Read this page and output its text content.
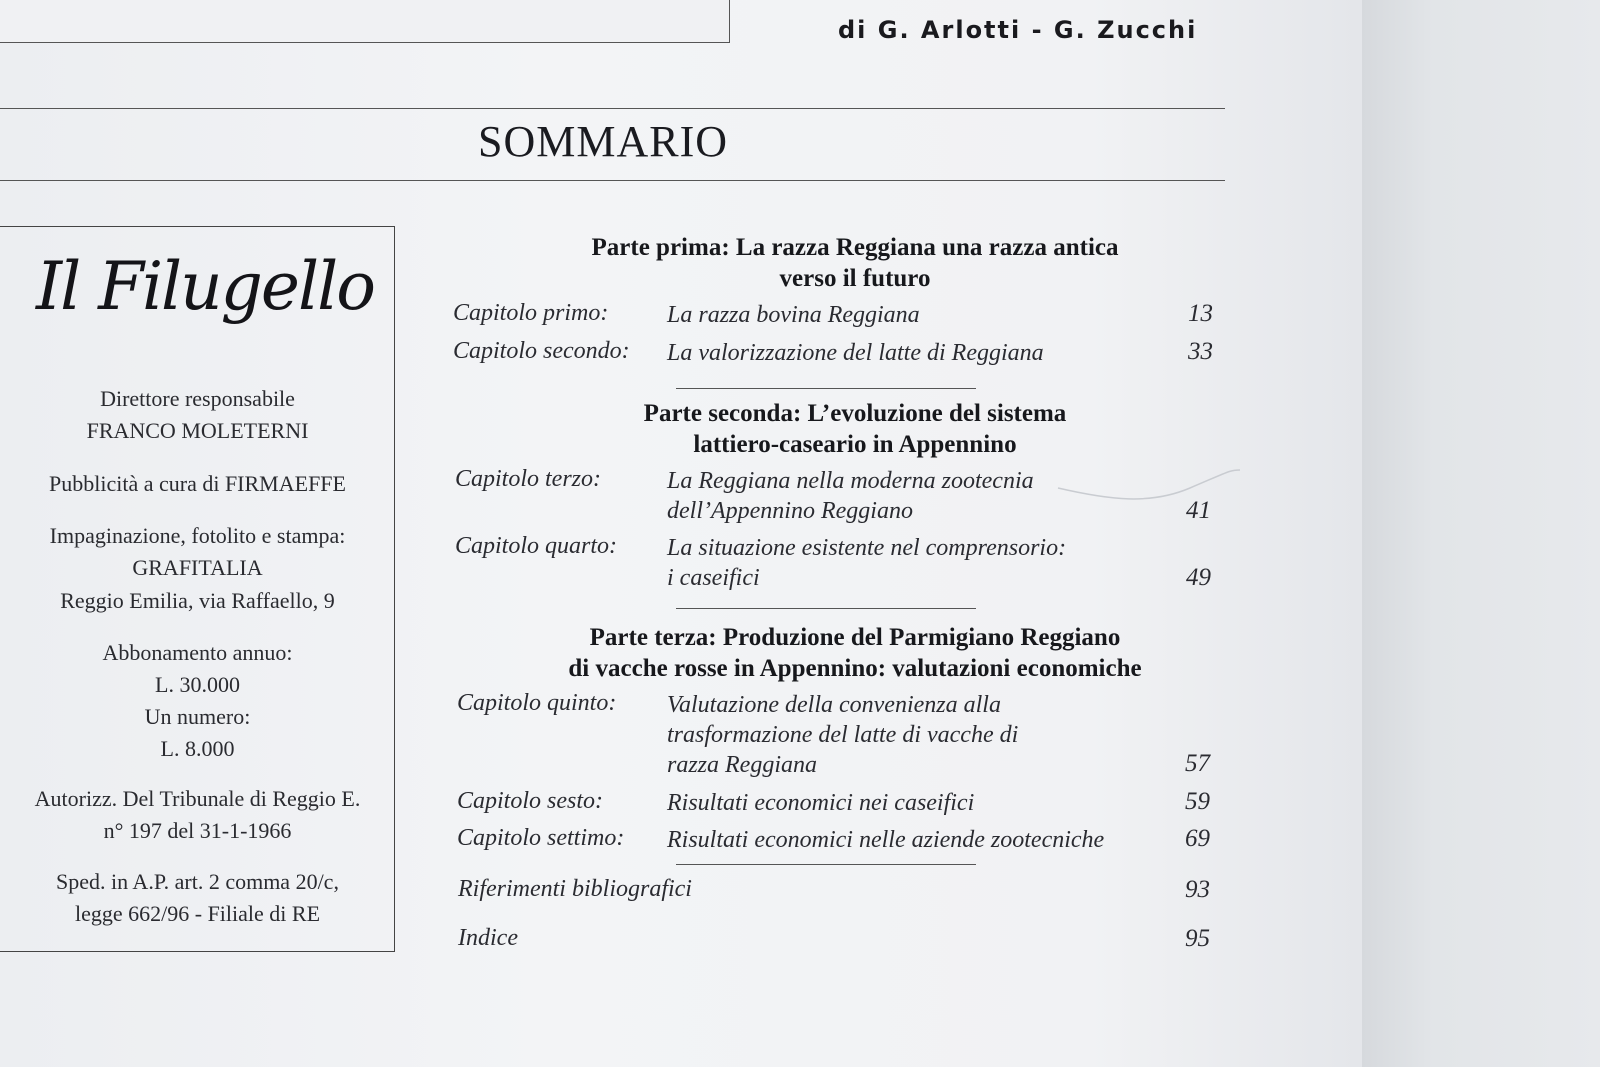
di G. Arlotti - G. Zucchi
SOMMARIO
Il Filugello
Direttore responsabile
FRANCO MOLETERNI
Pubblicità a cura di FIRMAEFFE
Impaginazione, fotolito e stampa:
GRAFITALIA
Reggio Emilia, via Raffaello, 9
Abbonamento annuo:
L. 30.000
Un numero:
L. 8.000
Autorizz. Del Tribunale di Reggio E.
n° 197 del 31-1-1966
Sped. in A.P. art. 2 comma 20/c,
legge 662/96 - Filiale di RE
Parte prima: La razza Reggiana una razza antica
verso il futuro
Capitolo primo: La razza bovina Reggiana	13
Capitolo secondo: La valorizzazione del latte di Reggiana	33
Parte seconda: L’evoluzione del sistema
lattiero-caseario in Appennino
Capitolo terzo:	La Reggiana nella moderna zootecnia
dell’Appennino Reggiano	41
Capitolo quarto: La situazione esistente nel comprensorio:
i caseifici	49
Parte terza: Produzione del Parmigiano Reggiano
di vacche rosse in Appennino: valutazioni economiche
Capitolo quinto: Valutazione della convenienza alla
trasformazione del latte di vacche di
razza Reggiana	57
Capitolo sesto:	Risultati economici nei caseifici	59
Capitolo settimo: Risultati economici nelle aziende zootecniche	69
Riferimenti bibliografici	93
Indice	95
